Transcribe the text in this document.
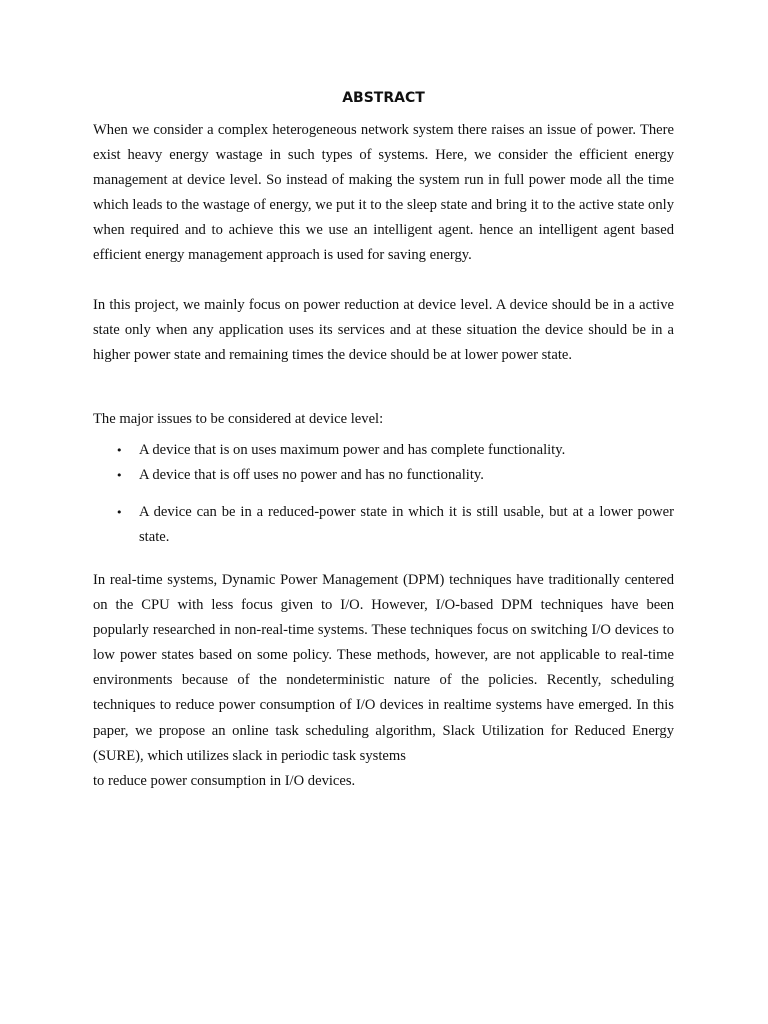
ABSTRACT

When we consider a complex heterogeneous network system there raises an issue of power. There exist heavy energy wastage in such types of systems. Here, we consider the efficient energy management at device level. So instead of making the system run in full power mode all the time which leads to the wastage of energy, we put it to the sleep state and bring it to the active state only when required and to achieve this we use an intelligent agent. hence an intelligent agent based efficient energy management approach is used for saving energy.

In this project, we mainly focus on power reduction at device level. A device should be in a active state only when any application uses its services and at these situation the device should be in a higher power state and remaining times the device should be at lower power state.

The major issues to be considered at device level:

• A device that is on uses maximum power and has complete functionality.
• A device that is off uses no power and has no functionality.
• A device can be in a reduced-power state in which it is still usable, but at a lower power state.

In real-time systems, Dynamic Power Management (DPM) techniques have traditionally centered on the CPU with less focus given to I/O. However, I/O-based DPM techniques have been popularly researched in non-real-time systems. These techniques focus on switching I/O devices to low power states based on some policy. These methods, however, are not applicable to real-time environments because of the nondeterministic nature of the policies. Recently, scheduling techniques to reduce power consumption of I/O devices in realtime systems have emerged. In this paper, we propose an online task scheduling algorithm, Slack Utilization for Reduced Energy (SURE), which utilizes slack in periodic task systems
to reduce power consumption in I/O devices.
